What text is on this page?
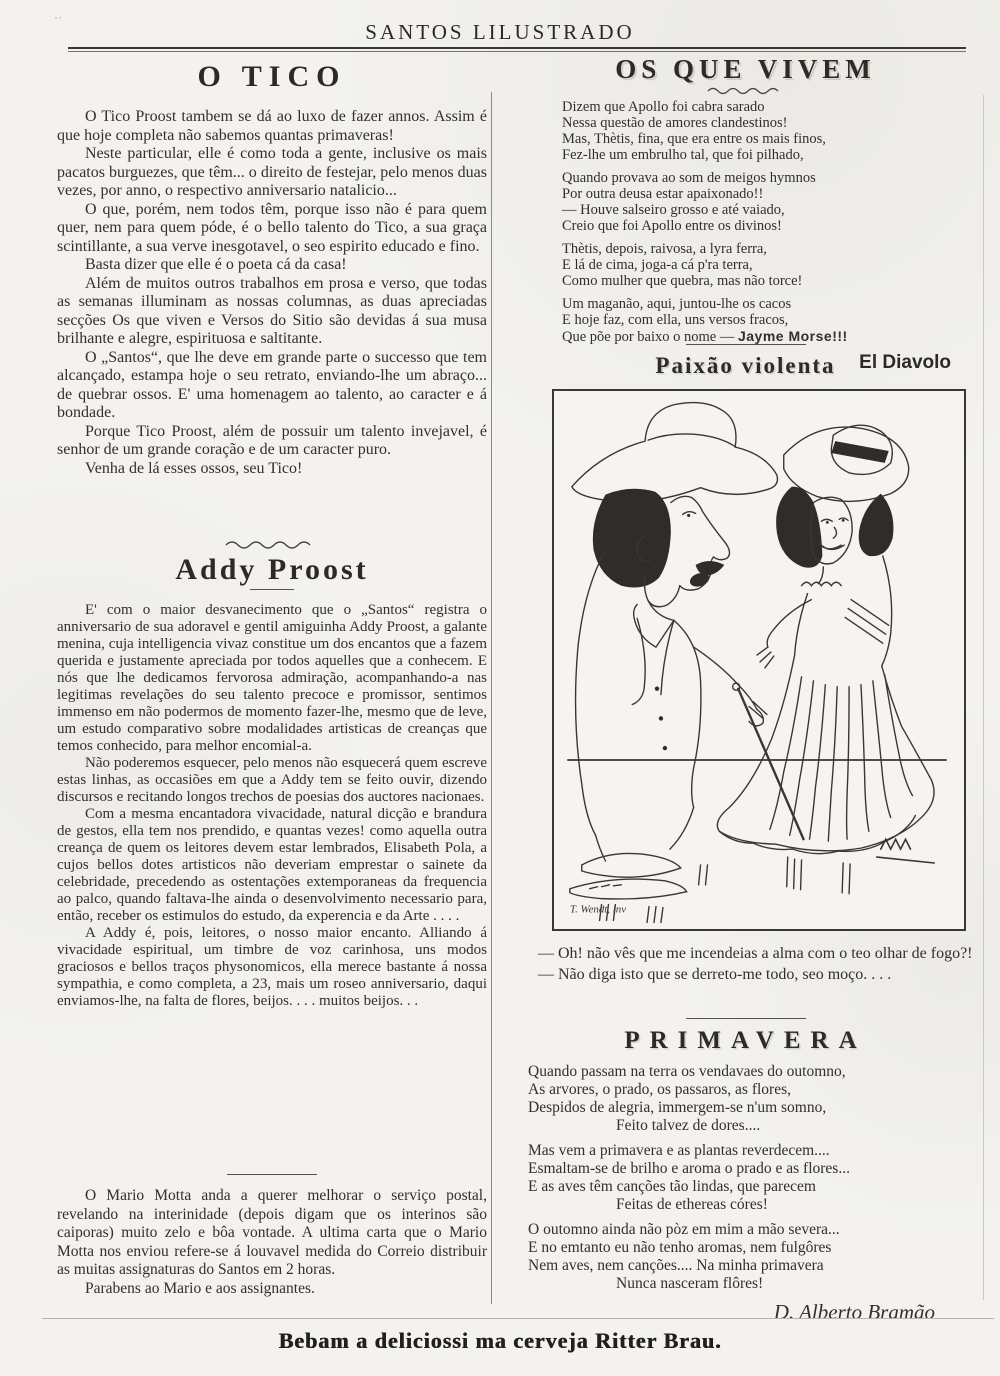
˙˙	SANTOS LILUSTRADO
O TICO

O Tico Proost tambem se dá ao luxo de fazer annos. Assim é que hoje completa não sabemos quantas primaveras!

Neste particular, elle é como toda a gente, inclusive os mais pacatos burguezes, que têm... o direito de festejar, pelo menos duas vezes, por anno, o respectivo anniversario natalicio...

O que, porém, nem todos têm, porque isso não é para quem quer, nem para quem póde, é o bello talento do Tico, a sua graça scintillante, a sua verve inesgotavel, o seo espirito educado e fino.

Basta dizer que elle é o poeta cá da casa!

Além de muitos outros trabalhos em prosa e verso, que todas as semanas illuminam as nossas columnas, as duas apreciadas secções Os que viven e Versos do Sitio são devidas á sua musa brilhante e alegre, espirituosa e saltitante.

O „Santos“, que lhe deve em grande parte o successo que tem alcançado, estampa hoje o seu retrato, enviando-lhe um abraço... de quebrar ossos. E' uma homenagem ao talento, ao caracter e á bondade.

Porque Tico Proost, além de possuir um talento invejavel, é senhor de um grande coração e de um caracter puro.

Venha de lá esses ossos, seu Tico!

Addy Proost

E' com o maior desvanecimento que o „Santos“ registra o anniversario de sua adoravel e gentil amiguinha Addy Proost, a galante menina, cuja intelligencia vivaz constitue um dos encantos que a fazem querida e justamente apreciada por todos aquelles que a conhecem. E nós que lhe dedicamos fervorosa admiração, acompanhando-a nas legitimas revelações do seu talento precoce e promissor, sentimos immenso em não podermos de momento fazer-lhe, mesmo que de leve, um estudo comparativo sobre modalidades artisticas de creanças que temos conhecido, para melhor encomial-a.

Não poderemos esquecer, pelo menos não esquecerá quem escreve estas linhas, as occasiões em que a Addy tem se feito ouvir, dizendo discursos e recitando longos trechos de poesias dos auctores nacionaes.

Com a mesma encantadora vivacidade, natural dicção e brandura de gestos, ella tem nos prendido, e quantas vezes! como aquella outra creança de quem os leitores devem estar lembrados, Elisabeth Pola, a cujos bellos dotes artisticos não deveriam emprestar o sainete da celebridade, precedendo as ostentações extemporaneas da frequencia ao palco, quando faltava-lhe ainda o desenvolvimento necessario para, então, receber os estimulos do estudo, da experencia e da Arte . . . .

A Addy é, pois, leitores, o nosso maior encanto. Alliando á vivacidade espiritual, um timbre de voz carinhosa, uns modos graciosos e bellos traços physonomicos, ella merece bastante á nossa sympathia, e como completa, a 23, mais um roseo anniversario, daqui enviamos-lhe, na falta de flores, beijos. . . . muitos beijos. . .

O Mario Motta anda a querer melhorar o serviço postal, revelando na interinidade (depois digam que os interinos são caiporas) muito zelo e bôa vontade. A ultima carta que o Mario Motta nos enviou refere-se á louvavel medida do Correio distribuir as muitas assignaturas do Santos em 2 horas.

Parabens ao Mario e aos assignantes.

OS QUE VIVEM
Dizem que Apollo foi cabra sarado
Nessa questão de amores clandestinos!
Mas, Thètis, fina, que era entre os mais finos,
Fez-lhe um embrulho tal, que foi pilhado,
Quando provava ao som de meigos hymnos
Por outra deusa estar apaixonado!!
— Houve salseiro grosso e até vaiado,
Creio que foi Apollo entre os divinos!
Thètis, depois, raivosa, a lyra ferra,
E lá de cima, joga-a cá p'ra terra,
Como mulher que quebra, mas não torce!
Um maganão, aqui, juntou-lhe os cacos
E hoje faz, com ella, uns versos fracos,
Que põe por baixo o nome — Jayme Morse!!!
El Diavolo
Paixão violenta
T. Wendt, inv

— Oh! não vês que me incendeias a alma com o teo olhar de fogo?!

— Não diga isto que se derreto-me todo, seo moço. . . .

PRIMAVERA
Quando passam na terra os vendavaes do outomno,
As arvores, o prado, os passaros, as flores,
Despidos de alegria, immergem-se n'um somno,
Feito talvez de dores....
Mas vem a primavera e as plantas reverdecem....
Esmaltam-se de brilho e aroma o prado e as flores...
E as aves têm canções tão lindas, que parecem
Feitas de ethereas córes!
O outomno ainda não pòz em mim a mão severa...
E no emtanto eu não tenho aromas, nem fulgôres
Nem aves, nem canções.... Na minha primavera
Nunca nasceram flôres!
D. Alberto Bramão
Bebam a deliciossi ma cerveja Ritter Brau.
